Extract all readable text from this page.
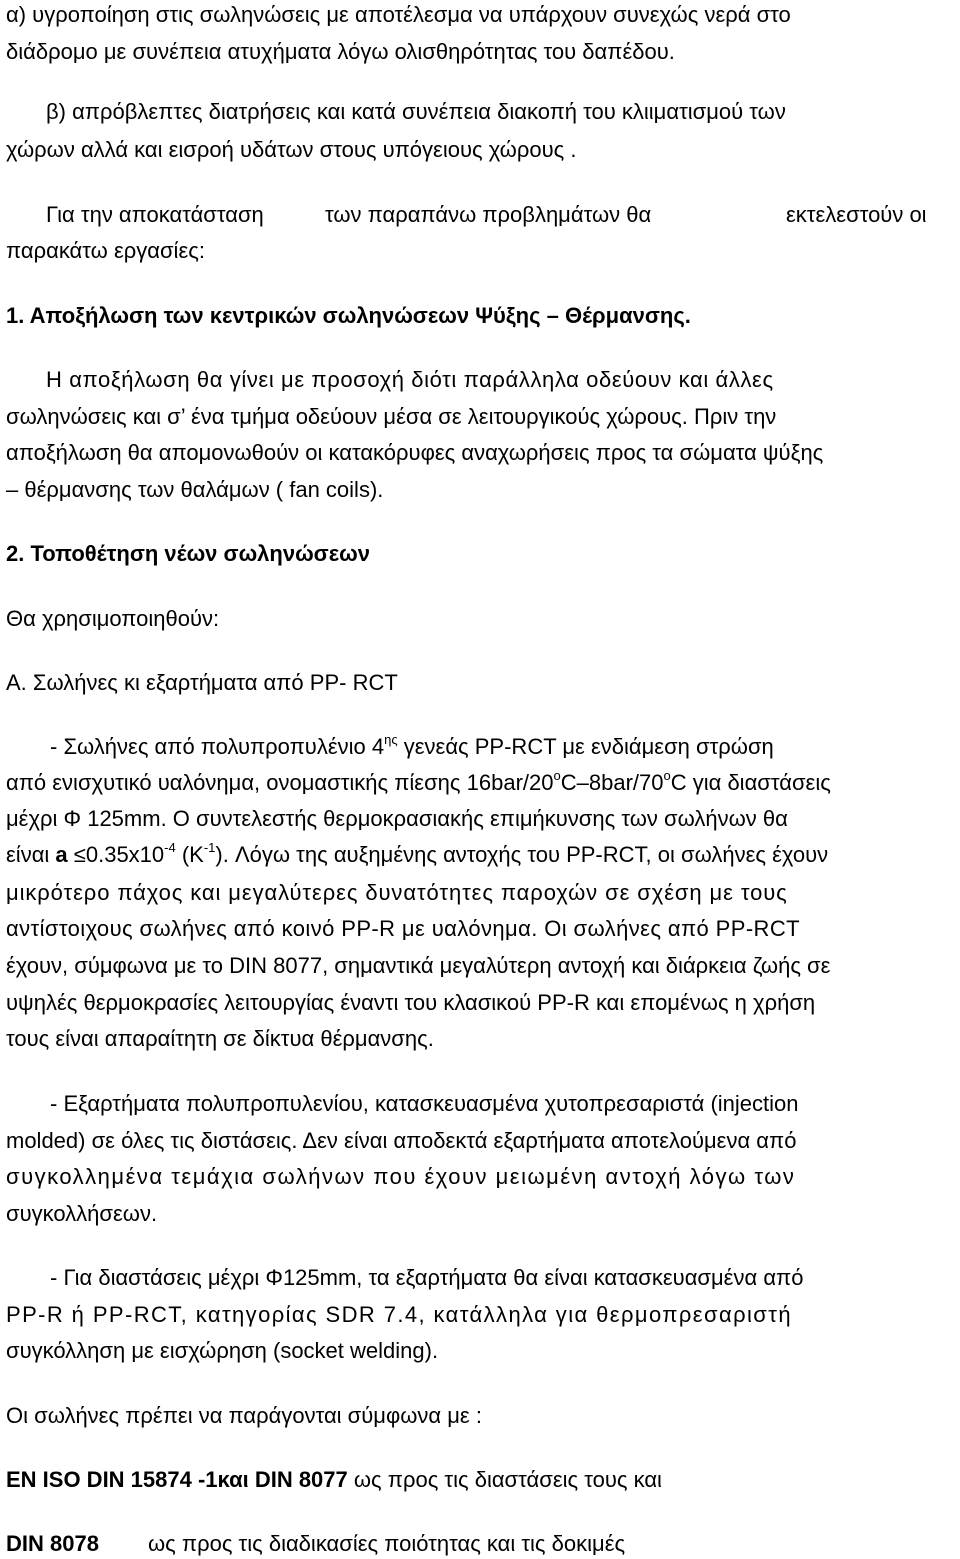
α) υγροποίηση στις σωληνώσεις με αποτέλεσμα να υπάρχουν συνεχώς νερά στο
διάδρομο με συνέπεια ατυχήματα λόγω ολισθηρότητας του δαπέδου.
β) απρόβλεπτες διατρήσεις και κατά συνέπεια διακοπή του κλιιματισμού των
χώρων αλλά και εισροή υδάτων στους υπόγειους χώρους .
Για την αποκατάσταση	των παραπάνω προβλημάτων θα	εκτελεστούν οι
παρακάτω εργασίες:
1. Αποξήλωση των κεντρικών σωληνώσεων Ψύξης – Θέρμανσης.
Η αποξήλωση θα γίνει με προσοχή διότι παράλληλα οδεύουν και άλλες
σωληνώσεις και σ’ ένα τμήμα οδεύουν μέσα σε λειτουργικούς χώρους. Πριν την
αποξήλωση θα απομονωθούν οι κατακόρυφες αναχωρήσεις προς τα σώματα ψύξης
– θέρμανσης των θαλάμων ( fan coils).
2. Τοποθέτηση νέων σωληνώσεων
Θα χρησιμοποιηθούν:
Α. Σωλήνες κι εξαρτήματα από PP- RCT
- Σωλήνες από πολυπροπυλένιο $4^{\eta\varsigma}$ γενεάς PP-RCT με ενδιάμεση στρώση
από ενισχυτικό υαλόνημα, ονομαστικής πίεσης 16bar/20$^o$C–8bar/70$^o$C για διαστάσεις
μέχρι Φ 125mm. Ο συντελεστής θερμοκρασιακής επιμήκυνσης των σωλήνων θα
είναι $a \le 0.35x10^{-4}$ $(K^{-1})$. Λόγω της αυξημένης αντοχής του PP-RCT, οι σωλήνες έχουν
μικρότερο πάχος και μεγαλύτερες δυνατότητες παροχών σε σχέση με τους
αντίστοιχους σωλήνες από κοινό PP-R με υαλόνημα. Οι σωλήνες από PP-RCT
έχουν, σύμφωνα με το DIN 8077, σημαντικά μεγαλύτερη αντοχή και διάρκεια ζωής σε
υψηλές θερμοκρασίες λειτουργίας έναντι του κλασικού PP-R και επομένως η χρήση
τους είναι απαραίτητη σε δίκτυα θέρμανσης.
- Εξαρτήματα πολυπροπυλενίου, κατασκευασμένα χυτοπρεσαριστά (injection
molded) σε όλες τις διστάσεις. Δεν είναι αποδεκτά εξαρτήματα αποτελούμενα από
συγκολλημένα τεμάχια σωλήνων που έχουν μειωμένη αντοχή λόγω των
συγκολλήσεων.
- Για διαστάσεις μέχρι Φ125mm, τα εξαρτήματα θα είναι κατασκευασμένα από
PP-R ή PP-RCT, κατηγορίας SDR 7.4, κατάλληλα για θερμοπρεσαριστή
συγκόλληση με εισχώρηση (socket welding).
Οι σωλήνες πρέπει να παράγονται σύμφωνα με :
EN ISO DIN 15874 -1και DIN 8077 ως προς τις διαστάσεις τους και
DIN 8078 ως προς τις διαδικασίες ποιότητας και τις δοκιμές
